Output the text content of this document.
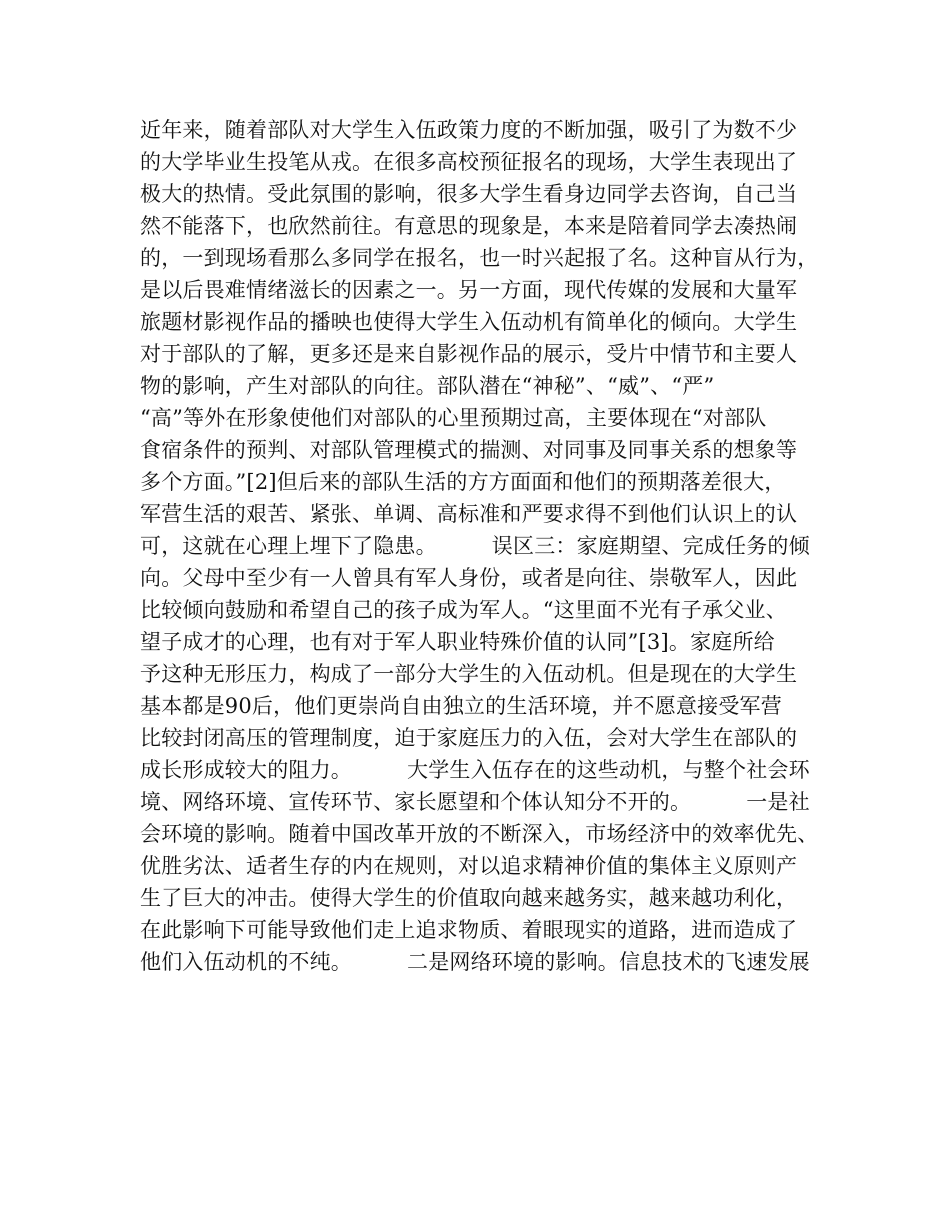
近年来，随着部队对大学生入伍政策力度的不断加强，吸引了为数不少
的大学毕业生投笔从戎。在很多高校预征报名的现场，大学生表现出了
极大的热情。受此氛围的影响，很多大学生看身边同学去咨询，自己当
然不能落下，也欣然前往。有意思的现象是，本来是陪着同学去凑热闹
的，一到现场看那么多同学在报名，也一时兴起报了名。这种盲从行为，
是以后畏难情绪滋长的因素之一。另一方面，现代传媒的发展和大量军
旅题材影视作品的播映也使得大学生入伍动机有简单化的倾向。大学生
对于部队的了解，更多还是来自影视作品的展示，受片中情节和主要人
物的影响，产生对部队的向往。部队潜在“神秘”、“威”、“严”
“高”等外在形象使他们对部队的心里预期过高，主要体现在“对部队
食宿条件的预判、对部队管理模式的揣测、对同事及同事关系的想象等
多个方面。”[2]但后来的部队生活的方方面面和他们的预期落差很大，
军营生活的艰苦、紧张、单调、高标准和严要求得不到他们认识上的认
可，这就在心理上埋下了隐患。        误区三：家庭期望、完成任务的倾
向。父母中至少有一人曾具有军人身份，或者是向往、崇敬军人，因此
比较倾向鼓励和希望自己的孩子成为军人。“这里面不光有子承父业、
望子成才的心理，也有对于军人职业特殊价值的认同”[3]。家庭所给
予这种无形压力，构成了一部分大学生的入伍动机。但是现在的大学生
基本都是90后，他们更崇尚自由独立的生活环境，并不愿意接受军营
比较封闭高压的管理制度，迫于家庭压力的入伍，会对大学生在部队的
成长形成较大的阻力。        大学生入伍存在的这些动机，与整个社会环
境、网络环境、宣传环节、家长愿望和个体认知分不开的。        一是社
会环境的影响。随着中国改革开放的不断深入，市场经济中的效率优先、
优胜劣汰、适者生存的内在规则，对以追求精神价值的集体主义原则产
生了巨大的冲击。使得大学生的价值取向越来越务实，越来越功利化，
在此影响下可能导致他们走上追求物质、着眼现实的道路，进而造成了
他们入伍动机的不纯。        二是网络环境的影响。信息技术的飞速发展
